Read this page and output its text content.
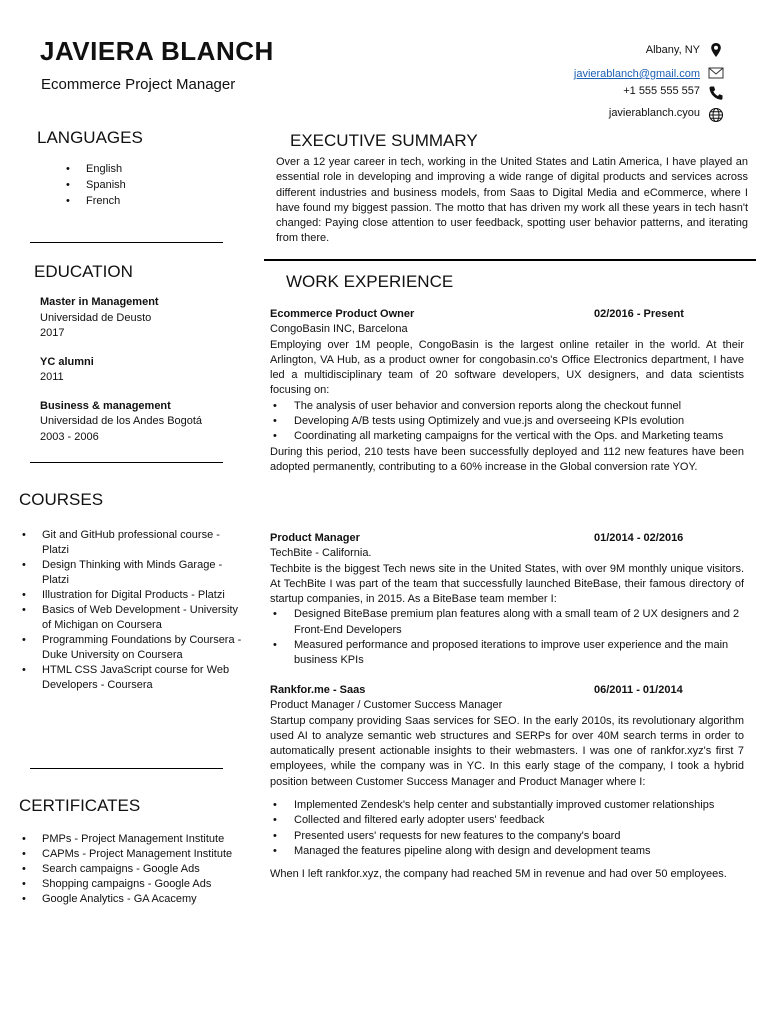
JAVIERA BLANCH
Ecommerce Project Manager
Albany, NY
javierablanch@gmail.com
+1 555 555 557
javierablanch.cyou
LANGUAGES
• English
• Spanish
• French
EDUCATION
Master in Management
Universidad de Deusto
2017
YC alumni
2011
Business & management
Universidad de los Andes Bogotá
2003 - 2006
COURSES
• Git and GitHub professional course - Platzi
• Design Thinking with Minds Garage - Platzi
• Illustration for Digital Products - Platzi
• Basics of Web Development - University of Michigan on Coursera
• Programming Foundations by Coursera - Duke University on Coursera
• HTML CSS JavaScript course for Web Developers - Coursera
CERTIFICATES
• PMPs - Project Management Institute
• CAPMs - Project Management Institute
• Search campaigns - Google Ads
• Shopping campaigns - Google Ads
• Google Analytics - GA Acacemy
EXECUTIVE SUMMARY
Over a 12 year career in tech, working in the United States and Latin America, I have played an essential role in developing and improving a wide range of digital products and services across different industries and business models, from Saas to Digital Media and eCommerce, where I have found my biggest passion. The motto that has driven my work all these years in tech hasn't changed: Paying close attention to user feedback, spotting user behavior patterns, and iterating from there.
WORK EXPERIENCE
Ecommerce Product Owner	02/2016 - Present

CongoBasin INC, Barcelona

Employing over 1M people, CongoBasin is the largest online retailer in the world. At their Arlington, VA Hub, as a product owner for congobasin.co's Office Electronics department, I have led a multidisciplinary team of 20 software developers, UX designers, and data scientists focusing on:

• The analysis of user behavior and conversion reports along the checkout funnel
• Developing A/B tests using Optimizely and vue.js and overseeing KPIs evolution
• Coordinating all marketing campaigns for the vertical with the Ops. and Marketing teams

During this period, 210 tests have been successfully deployed and 112 new features have been adopted permanently, contributing to a 60% increase in the Global conversion rate YOY.

Product Manager	01/2014 - 02/2016

TechBite - California.

Techbite is the biggest Tech news site in the United States, with over 9M monthly unique visitors. At TechBite I was part of the team that successfully launched BiteBase, their famous directory of startup companies, in 2015. As a BiteBase team member I:

• Designed BiteBase premium plan features along with a small team of 2 UX designers and 2 Front-End Developers
• Measured performance and proposed iterations to improve user experience and the main business KPIs
Rankfor.me - Saas	06/2011 - 01/2014

Product Manager / Customer Success Manager

Startup company providing Saas services for SEO. In the early 2010s, its revolutionary algorithm used AI to analyze semantic web structures and SERPs for over 40M search terms in order to automatically present actionable insights to their webmasters. I was one of rankfor.xyz's first 7 employees, while the company was in YC. In this early stage of the company, I took a hybrid position between Customer Success Manager and Product Manager where I:

• Implemented Zendesk's help center and substantially improved customer relationships
• Collected and filtered early adopter users' feedback
• Presented users' requests for new features to the company's board
• Managed the features pipeline along with design and development teams

When I left rankfor.xyz, the company had reached 5M in revenue and had over 50 employees.
